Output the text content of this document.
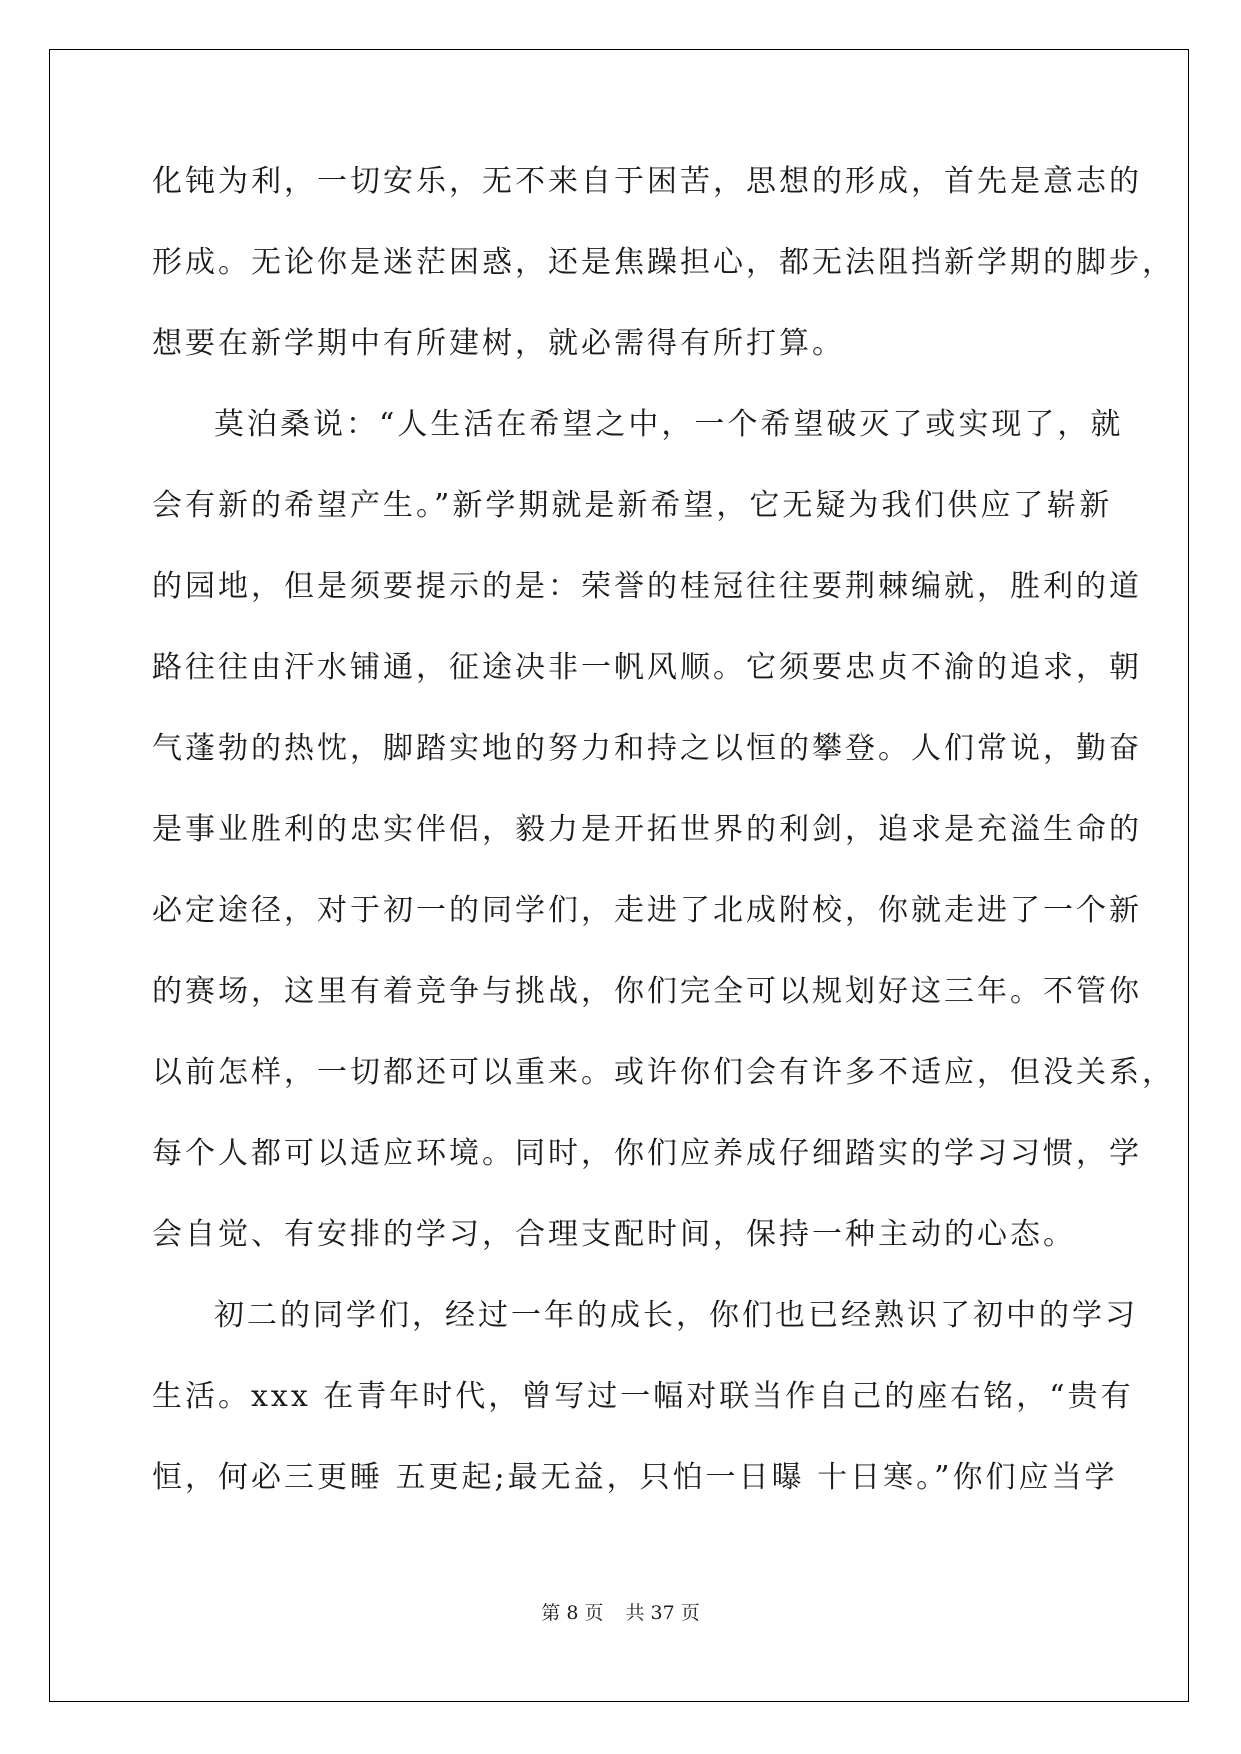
化钝为利，一切安乐，无不来自于困苦，思想的形成，首先是意志的
形成。无论你是迷茫困惑，还是焦躁担心，都无法阻挡新学期的脚步，
想要在新学期中有所建树，就必需得有所打算。
莫泊桑说：“人生活在希望之中，一个希望破灭了或实现了，就
会有新的希望产生。”新学期就是新希望，它无疑为我们供应了崭新
的园地，但是须要提示的是：荣誉的桂冠往往要荆棘编就，胜利的道
路往往由汗水铺通，征途决非一帆风顺。它须要忠贞不渝的追求，朝
气蓬勃的热忱，脚踏实地的努力和持之以恒的攀登。人们常说，勤奋
是事业胜利的忠实伴侣，毅力是开拓世界的利剑，追求是充溢生命的
必定途径，对于初一的同学们，走进了北成附校，你就走进了一个新
的赛场，这里有着竞争与挑战，你们完全可以规划好这三年。不管你
以前怎样，一切都还可以重来。或许你们会有许多不适应，但没关系，
每个人都可以适应环境。同时，你们应养成仔细踏实的学习习惯，学
会自觉、有安排的学习，合理支配时间，保持一种主动的心态。
初二的同学们，经过一年的成长，你们也已经熟识了初中的学习
生活。xxx 在青年时代，曾写过一幅对联当作自己的座右铭，“贵有
恒，何必三更睡 五更起;最无益，只怕一日曝 十日寒。”你们应当学
第 8 页 共 37 页
